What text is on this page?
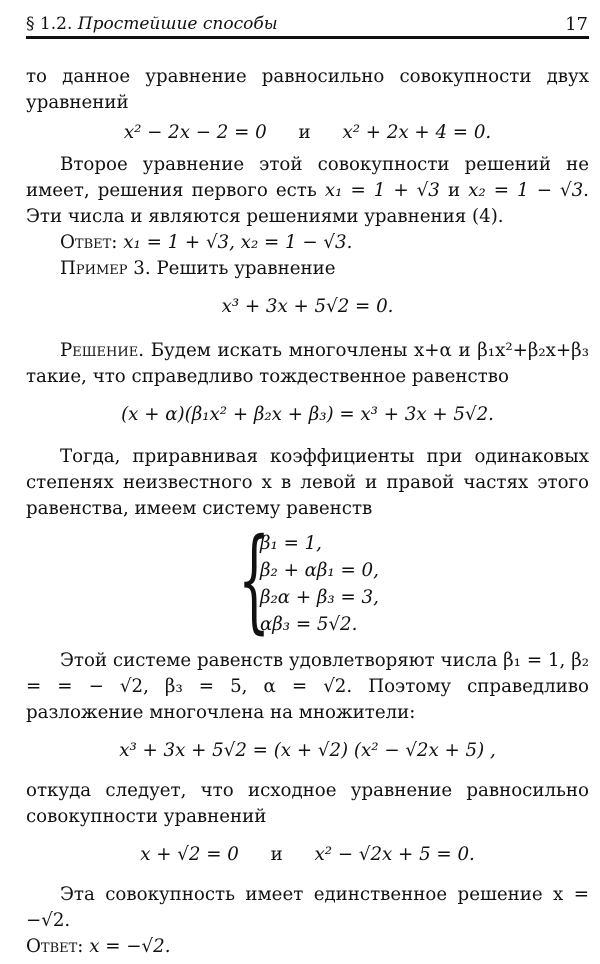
§ 1.2. Простейшие способы	17

то данное уравнение равносильно совокупности двух уравнений

x² − 2x − 2 = 0 и x² + 2x + 4 = 0.

Второе уравнение этой совокупности решений не имеет, решения первого есть x₁ = 1 + √3 и x₂ = 1 − √3. Эти числа и являются решениями уравнения (4).

Ответ: x₁ = 1 + √3, x₂ = 1 − √3.

Пример 3. Решить уравнение

x³ + 3x + 5√2 = 0.

Решение. Будем искать многочлены x+α и β₁x²+β₂x+β₃ такие, что справедливо тождественное равенство

(x + α)(β₁x² + β₂x + β₃) = x³ + 3x + 5√2.

Тогда, приравнивая коэффициенты при одинаковых степенях неизвестного x в левой и правой частях этого равенства, имеем систему равенств

{
β₁ = 1,
β₂ + αβ₁ = 0,
β₂α + β₃ = 3,
αβ₃ = 5√2.

Этой системе равенств удовлетворяют числа β₁ = 1, β₂ = = − √2, β₃ = 5, α = √2. Поэтому справедливо разложение многочлена на множители:

x³ + 3x + 5√2 = (x + √2) (x² − √2x + 5) ,

откуда следует, что исходное уравнение равносильно совокупности уравнений

x + √2 = 0 и x² − √2x + 5 = 0.

Эта совокупность имеет единственное решение x = −√2.

Ответ: x = −√2.
